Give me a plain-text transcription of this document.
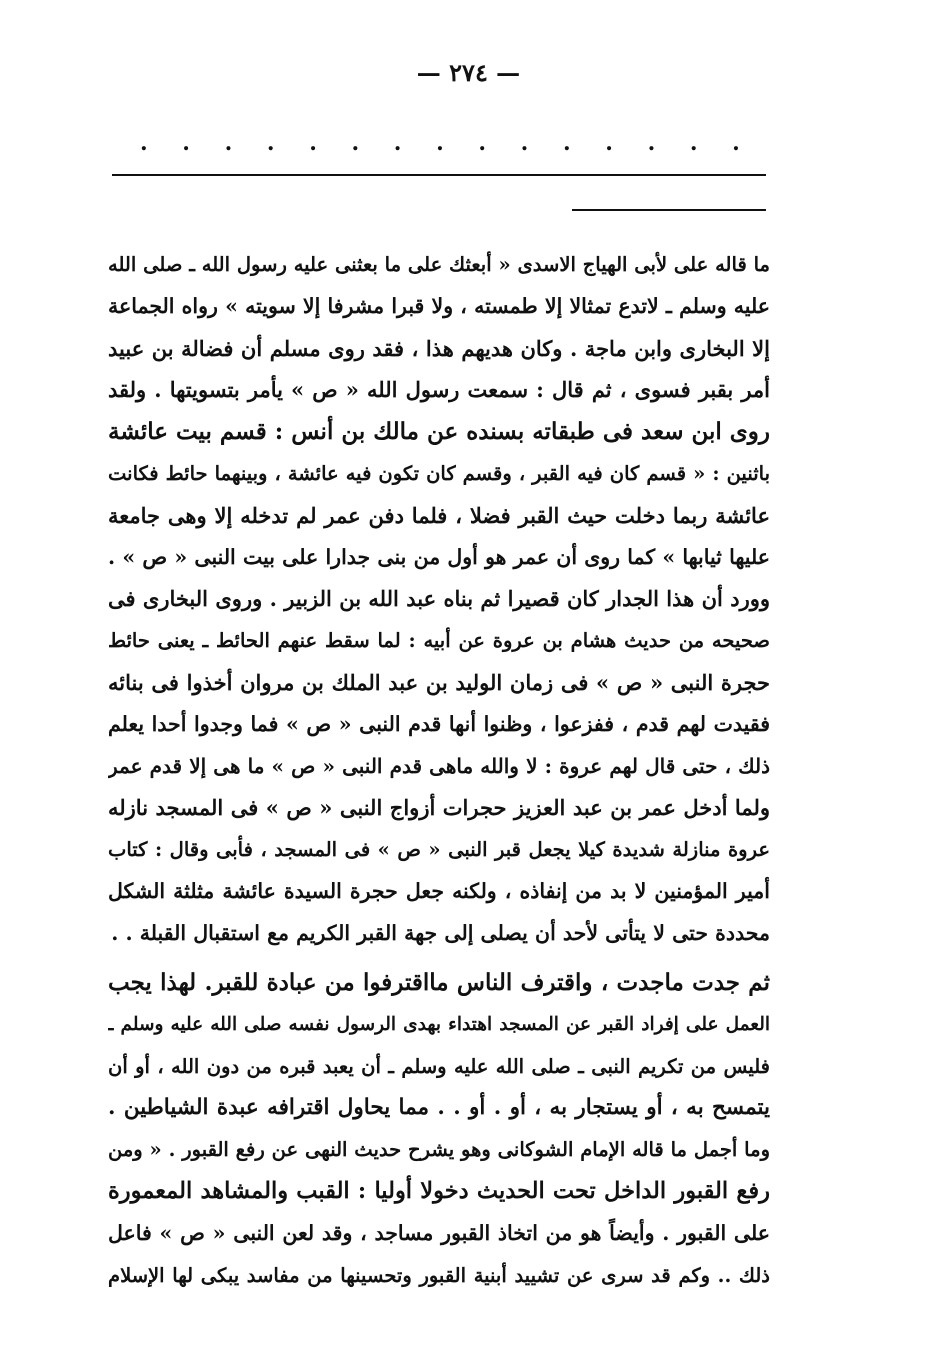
— ٢٧٤ —
.
.
.
.
.
.
.
.
.
.
.
.
.
.
.
ما قاله على لأبى الهياج الاسدى « أبعثك على ما بعثنى عليه رسول الله ـ صلى الله
عليه وسلم ـ لاتدع تمثالا إلا طمسته ، ولا قبرا مشرفا إلا سويته » رواه الجماعة
إلا البخارى وابن ماجة . وكان هديهم هذا ، فقد روى مسلم أن فضالة بن عبيد
أمر بقبر فسوى ، ثم قال : سمعت رسول الله « ص » يأمر بتسويتها . ولقد
روى ابن سعد فى طبقاته بسنده عن مالك بن أنس : قسم بيت عائشة
باثنين : « قسم كان فيه القبر ، وقسم كان تكون فيه عائشة ، وبينهما حائط فكانت
عائشة ربما دخلت حيث القبر فضلا ، فلما دفن عمر لم تدخله إلا وهى جامعة
عليها ثيابها » كما روى أن عمر هو أول من بنى جدارا على بيت النبى « ص » .
وورد أن هذا الجدار كان قصيرا ثم بناه عبد الله بن الزبير . وروى البخارى فى
صحيحه من حديث هشام بن عروة عن أبيه : لما سقط عنهم الحائط ـ يعنى حائط
حجرة النبى « ص » فى زمان الوليد بن عبد الملك بن مروان أخذوا فى بنائه
فقيدت لهم قدم ، ففزعوا ، وظنوا أنها قدم النبى « ص » فما وجدوا أحدا يعلم
ذلك ، حتى قال لهم عروة : لا والله ماهى قدم النبى « ص » ما هى إلا قدم عمر
ولما أدخل عمر بن عبد العزيز حجرات أزواج النبى « ص » فى المسجد نازله
عروة منازلة شديدة كيلا يجعل قبر النبى « ص » فى المسجد ، فأبى وقال : كتاب
أمير المؤمنين لا بد من إنفاذه ، ولكنه جعل حجرة السيدة عائشة مثلثة الشكل
محددة حتى لا يتأتى لأحد أن يصلى إلى جهة القبر الكريم مع استقبال القبلة . .
ثم جدت ماجدت ، واقترف الناس مااقترفوا من عبادة للقبر. لهذا يجب
العمل على إفراد القبر عن المسجد اهتداء بهدى الرسول نفسه صلى الله عليه وسلم ـ
فليس من تكريم النبى ـ صلى الله عليه وسلم ـ أن يعبد قبره من دون الله ، أو أن
يتمسح به ، أو يستجار به ، أو . أو . . مما يحاول اقترافه عبدة الشياطين .
وما أجمل ما قاله الإمام الشوكانى وهو يشرح حديث النهى عن رفع القبور . « ومن
رفع القبور الداخل تحت الحديث دخولا أوليا : القبب والمشاهد المعمورة
على القبور . وأيضاً هو من اتخاذ القبور مساجد ، وقد لعن النبى « ص » فاعل
ذلك .. وكم قد سرى عن تشييد أبنية القبور وتحسينها من مفاسد يبكى لها الإسلام
